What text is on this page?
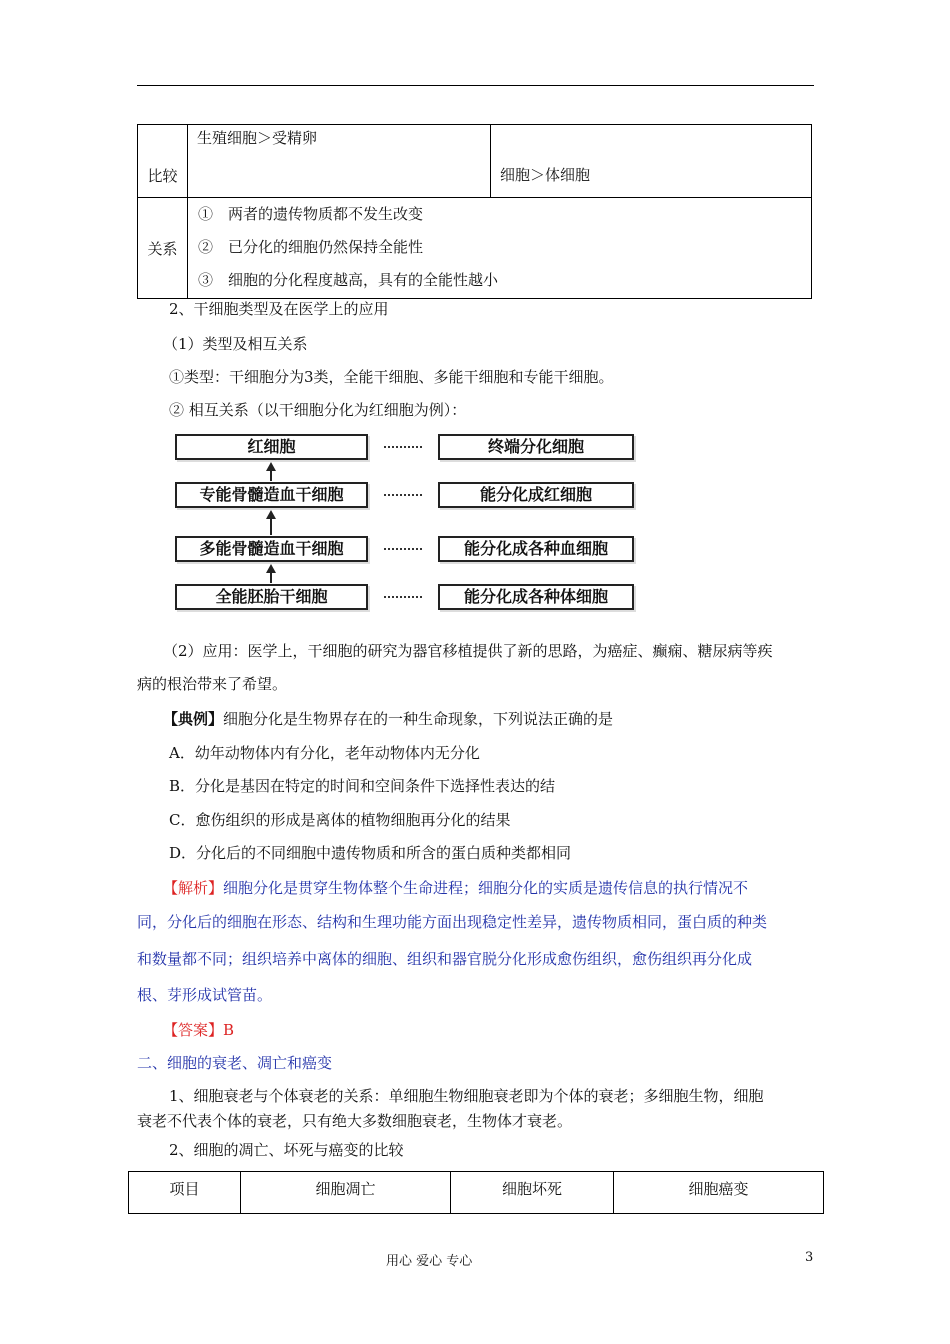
比较	生殖细胞＞受精卵	细胞＞体细胞

关系	①　两者的遗传物质都不发生改变
②　已分化的细胞仍然保持全能性
③　细胞的分化程度越高，具有的全能性越小	
2、干细胞类型及在医学上的应用
（1）类型及相互关系
①类型：干细胞分为3类，全能干细胞、多能干细胞和专能干细胞。
② 相互关系（以干细胞分化为红细胞为例）：
红细胞
专能骨髓造血干细胞
多能骨髓造血干细胞
全能胚胎干细胞
终端分化细胞
能分化成红细胞
能分化成各种血细胞
能分化成各种体细胞
（2）应用：医学上，干细胞的研究为器官移植提供了新的思路，为癌症、癫痫、糖尿病等疾
病的根治带来了希望。
【典例】细胞分化是生物界存在的一种生命现象，下列说法正确的是
A．幼年动物体内有分化，老年动物体内无分化
B．分化是基因在特定的时间和空间条件下选择性表达的结
C．愈伤组织的形成是离体的植物细胞再分化的结果
D．分化后的不同细胞中遗传物质和所含的蛋白质种类都相同
【解析】细胞分化是贯穿生物体整个生命进程；细胞分化的实质是遗传信息的执行情况不
同，分化后的细胞在形态、结构和生理功能方面出现稳定性差异，遗传物质相同，蛋白质的种类
和数量都不同；组织培养中离体的细胞、组织和器官脱分化形成愈伤组织，愈伤组织再分化成
根、芽形成试管苗。
【答案】B
二、细胞的衰老、凋亡和癌变
1、细胞衰老与个体衰老的关系：单细胞生物细胞衰老即为个体的衰老；多细胞生物，细胞
衰老不代表个体的衰老，只有绝大多数细胞衰老，生物体才衰老。
2、细胞的凋亡、坏死与癌变的比较
项目	细胞凋亡	细胞坏死	细胞癌变
用心 爱心 专心	3
